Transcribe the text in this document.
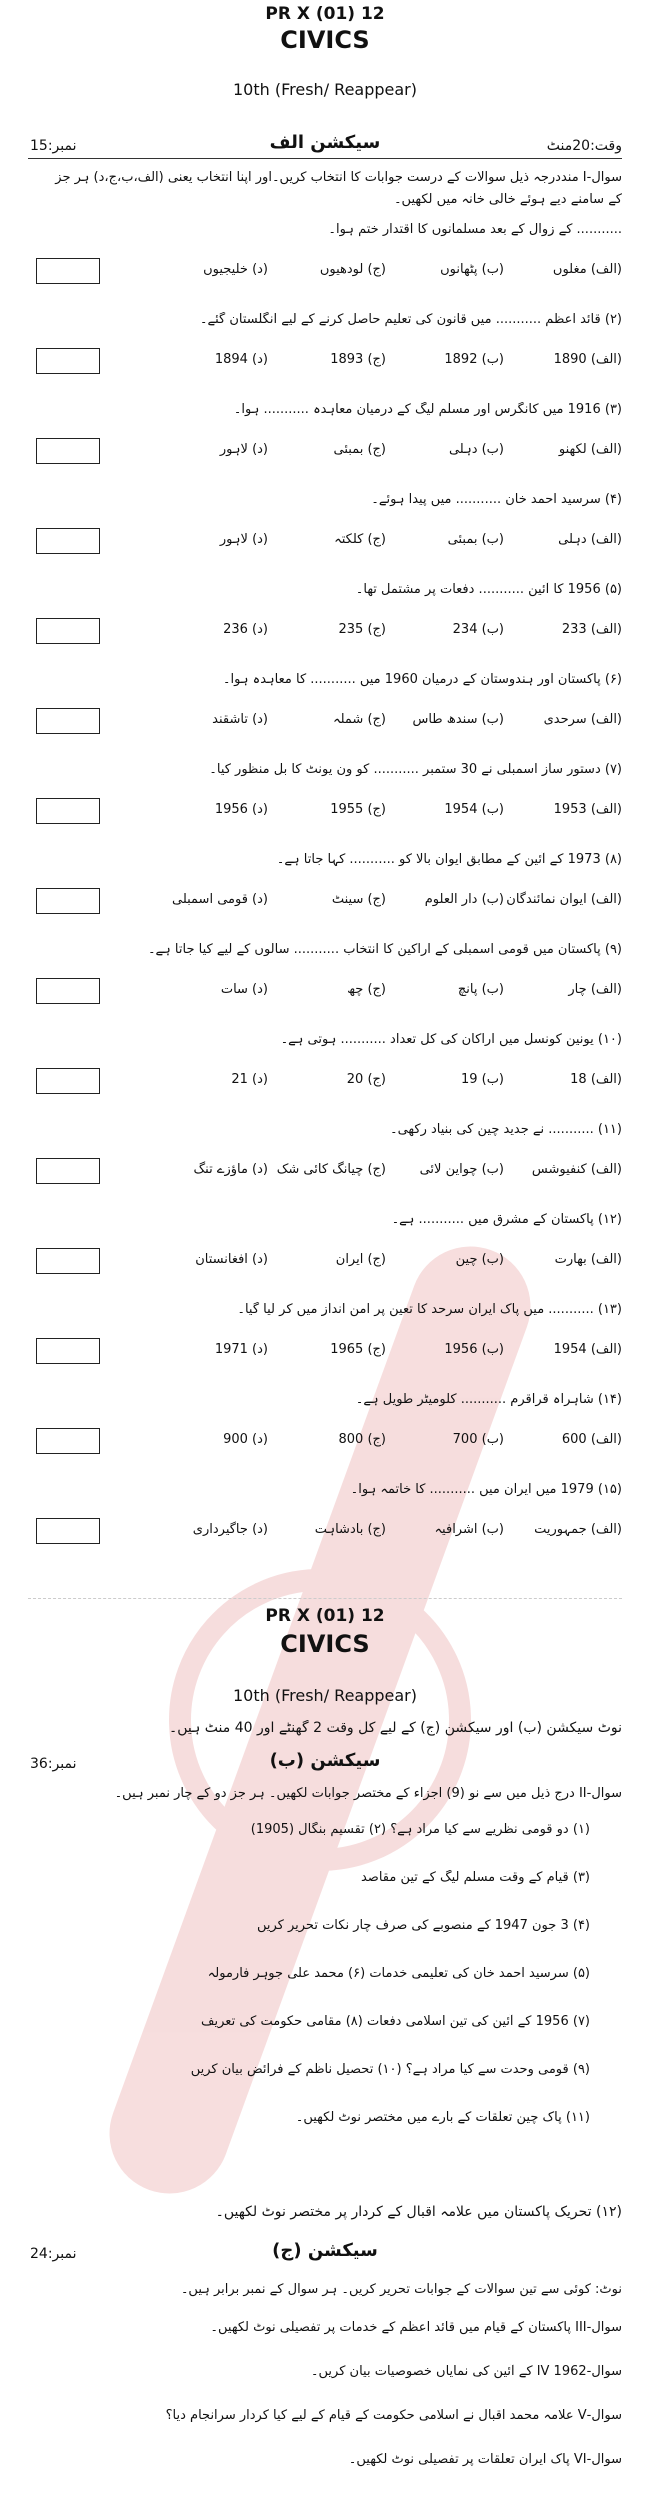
PR X (01) 12
CIVICS
10th (Fresh/ Reappear)
وقت:20منٹ
سیکشن الف
نمبر:15
سوال-I منددرجہ ذیل سوالات کے درست جوابات کا انتخاب کریں۔اور اپنا انتخاب یعنی (الف،ب،ج،د) ہر جز
کے سامنے دیے ہوئے خالی خانہ میں لکھیں۔
........... کے زوال کے بعد مسلمانوں کا اقتدار ختم ہوا۔
(الف) مغلوں
(ب) پٹھانوں
(ج) لودھیوں
(د) خلیجیوں
(۲) قائد اعظم ........... میں قانون کی تعلیم حاصل کرنے کے لیے انگلستان گئے۔
(الف) 1890
(ب) 1892
(ج) 1893
(د) 1894
(۳) 1916 میں کانگرس اور مسلم لیگ کے درمیان معاہدہ ........... ہوا۔
(الف) لکھنو
(ب) دہلی
(ج) بمبئی
(د) لاہور
(۴) سرسید احمد خان ........... میں پیدا ہوئے۔
(الف) دہلی
(ب) بمبئی
(ج) کلکتہ
(د) لاہور
(۵) 1956 کا آئین ........... دفعات پر مشتمل تھا۔
(الف) 233
(ب) 234
(ج) 235
(د) 236
(۶) پاکستان اور ہندوستان کے درمیان 1960 میں ........... کا معاہدہ ہوا۔
(الف) سرحدی
(ب) سندھ طاس
(ج) شملہ
(د) تاشقند
(۷) دستور ساز اسمبلی نے 30 ستمبر ........... کو ون یونٹ کا بل منظور کیا۔
(الف) 1953
(ب) 1954
(ج) 1955
(د) 1956
(۸) 1973 کے آئین کے مطابق ایوان بالا کو ........... کہا جاتا ہے۔
(الف) ایوان نمائندگان
(ب) دار العلوم
(ج) سینٹ
(د) قومی اسمبلی
(۹) پاکستان میں قومی اسمبلی کے اراکین کا انتخاب ........... سالوں کے لیے کیا جاتا ہے۔
(الف) چار
(ب) پانچ
(ج) چھ
(د) سات
(۱۰) یونین کونسل میں اراکان کی کل تعداد ........... ہوتی ہے۔
(الف) 18
(ب) 19
(ج) 20
(د) 21
(۱۱) ........... نے جدید چین کی بنیاد رکھی۔
(الف) کنفیوشس
(ب) چواین لائی
(ج) چیانگ کائی شک
(د) ماؤزے تنگ
(۱۲) پاکستان کے مشرق میں ........... ہے۔
(الف) بھارت
(ب) چین
(ج) ایران
(د) افغانستان
(۱۳) ........... میں پاک ایران سرحد کا تعین پر امن انداز میں کر لیا گیا۔
(الف) 1954
(ب) 1956
(ج) 1965
(د) 1971
(۱۴) شاہراہ قراقرم ........... کلومیٹر طویل ہے۔
(الف) 600
(ب) 700
(ج) 800
(د) 900
(۱۵) 1979 میں ایران میں ........... کا خاتمہ ہوا۔
(الف) جمہوریت
(ب) اشرافیہ
(ج) بادشاہت
(د) جاگیرداری
PR X (01) 12
CIVICS
10th (Fresh/ Reappear)
نوٹ سیکشن (ب) اور سیکشن (ج) کے لیے کل وقت 2 گھنٹے اور 40 منٹ ہیں۔
سیکشن (ب)
نمبر:36
سوال-II درج ذیل میں سے نو (9) اجزاء کے مختصر جوابات لکھیں۔ ہر جز دو کے چار نمبر ہیں۔
(۱) دو قومی نظریے سے کیا مراد ہے؟ (۲) تقسیم بنگال (1905)
(۳) قیام کے وقت مسلم لیگ کے تین مقاصد
(۴) 3 جون 1947 کے منصوبے کی صرف چار نکات تحریر کریں
(۵) سرسید احمد خان کی تعلیمی خدمات (۶) محمد علی جوہر فارمولہ
(۷) 1956 کے آئین کی تین اسلامی دفعات (۸) مقامی حکومت کی تعریف
(۹) قومی وحدت سے کیا مراد ہے؟ (۱۰) تحصیل ناظم کے فرائض بیان کریں
(۱۱) پاک چین تعلقات کے بارے میں مختصر نوٹ لکھیں۔
(۱۲) تحریک پاکستان میں علامہ اقبال کے کردار پر مختصر نوٹ لکھیں۔
سیکشن (ج)
نمبر:24
نوٹ: کوئی سے تین سوالات کے جوابات تحریر کریں۔ ہر سوال کے نمبر برابر ہیں۔
سوال-III پاکستان کے قیام میں قائد اعظم کے خدمات پر تفصیلی نوٹ لکھیں۔
سوال-IV 1962 کے آئین کی نمایاں خصوصیات بیان کریں۔
سوال-V علامہ محمد اقبال نے اسلامی حکومت کے قیام کے لیے کیا کردار سرانجام دیا؟
سوال-VI پاک ایران تعلقات پر تفصیلی نوٹ لکھیں۔
